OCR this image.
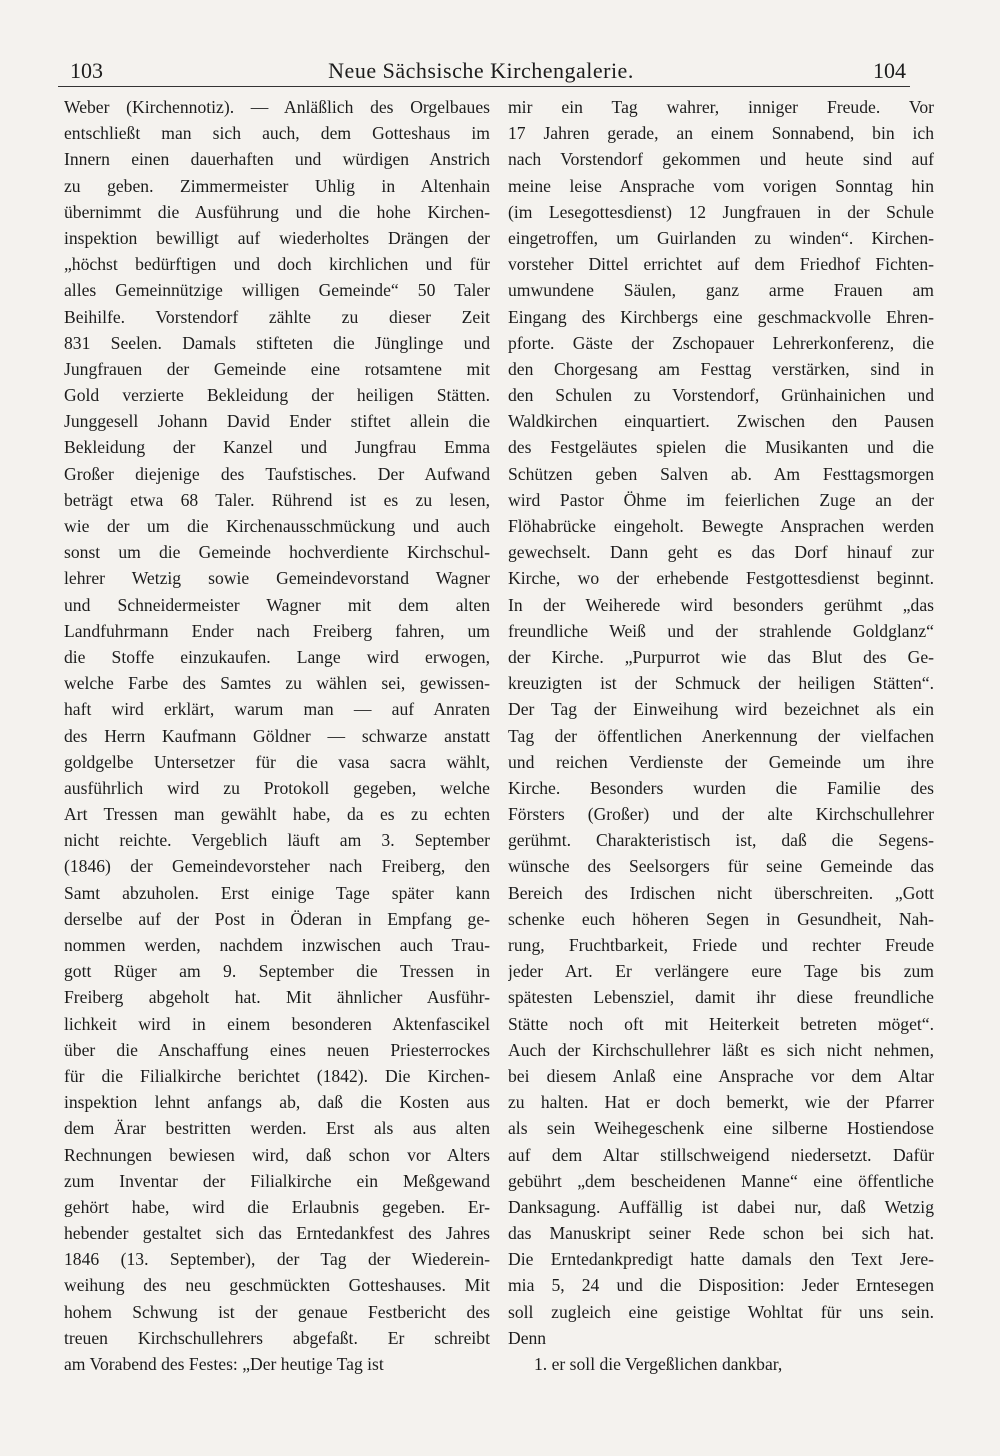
103	Neue Sächsische Kirchengalerie.	104
Weber (Kirchennotiz). — Anläßlich des Orgelbaues
entschließt man sich auch, dem Gotteshaus im
Innern einen dauerhaften und würdigen Anstrich
zu geben. Zimmermeister Uhlig in Altenhain
übernimmt die Ausführung und die hohe Kirchen-
inspektion bewilligt auf wiederholtes Drängen der
„höchst bedürftigen und doch kirchlichen und für
alles Gemeinnützige willigen Gemeinde“ 50 Taler
Beihilfe. Vorstendorf zählte zu dieser Zeit
831 Seelen. Damals stifteten die Jünglinge und
Jungfrauen der Gemeinde eine rotsamtene mit
Gold verzierte Bekleidung der heiligen Stätten.
Junggesell Johann David Ender stiftet allein die
Bekleidung der Kanzel und Jungfrau Emma
Großer diejenige des Taufstisches. Der Aufwand
beträgt etwa 68 Taler. Rührend ist es zu lesen,
wie der um die Kirchenausschmückung und auch
sonst um die Gemeinde hochverdiente Kirchschul-
lehrer Wetzig sowie Gemeindevorstand Wagner
und Schneidermeister Wagner mit dem alten
Landfuhrmann Ender nach Freiberg fahren, um
die Stoffe einzukaufen. Lange wird erwogen,
welche Farbe des Samtes zu wählen sei, gewissen-
haft wird erklärt, warum man — auf Anraten
des Herrn Kaufmann Göldner — schwarze anstatt
goldgelbe Untersetzer für die vasa sacra wählt,
ausführlich wird zu Protokoll gegeben, welche
Art Tressen man gewählt habe, da es zu echten
nicht reichte. Vergeblich läuft am 3. September
(1846) der Gemeindevorsteher nach Freiberg, den
Samt abzuholen. Erst einige Tage später kann
derselbe auf der Post in Öderan in Empfang ge-
nommen werden, nachdem inzwischen auch Trau-
gott Rüger am 9. September die Tressen in
Freiberg abgeholt hat. Mit ähnlicher Ausführ-
lichkeit wird in einem besonderen Aktenfascikel
über die Anschaffung eines neuen Priesterrockes
für die Filialkirche berichtet (1842). Die Kirchen-
inspektion lehnt anfangs ab, daß die Kosten aus
dem Ärar bestritten werden. Erst als aus alten
Rechnungen bewiesen wird, daß schon vor Alters
zum Inventar der Filialkirche ein Meßgewand
gehört habe, wird die Erlaubnis gegeben. Er-
hebender gestaltet sich das Erntedankfest des Jahres
1846 (13. September), der Tag der Wiederein-
weihung des neu geschmückten Gotteshauses. Mit
hohem Schwung ist der genaue Festbericht des
treuen Kirchschullehrers abgefaßt. Er schreibt
am Vorabend des Festes: „Der heutige Tag ist
mir ein Tag wahrer, inniger Freude. Vor
17 Jahren gerade, an einem Sonnabend, bin ich
nach Vorstendorf gekommen und heute sind auf
meine leise Ansprache vom vorigen Sonntag hin
(im Lesegottesdienst) 12 Jungfrauen in der Schule
eingetroffen, um Guirlanden zu winden“. Kirchen-
vorsteher Dittel errichtet auf dem Friedhof Fichten-
umwundene Säulen, ganz arme Frauen am
Eingang des Kirchbergs eine geschmackvolle Ehren-
pforte. Gäste der Zschopauer Lehrerkonferenz, die
den Chorgesang am Festtag verstärken, sind in
den Schulen zu Vorstendorf, Grünhainichen und
Waldkirchen einquartiert. Zwischen den Pausen
des Festgeläutes spielen die Musikanten und die
Schützen geben Salven ab. Am Festtagsmorgen
wird Pastor Öhme im feierlichen Zuge an der
Flöhabrücke eingeholt. Bewegte Ansprachen werden
gewechselt. Dann geht es das Dorf hinauf zur
Kirche, wo der erhebende Festgottesdienst beginnt.
In der Weiherede wird besonders gerühmt „das
freundliche Weiß und der strahlende Goldglanz“
der Kirche. „Purpurrot wie das Blut des Ge-
kreuzigten ist der Schmuck der heiligen Stätten“.
Der Tag der Einweihung wird bezeichnet als ein
Tag der öffentlichen Anerkennung der vielfachen
und reichen Verdienste der Gemeinde um ihre
Kirche. Besonders wurden die Familie des
Försters (Großer) und der alte Kirchschullehrer
gerühmt. Charakteristisch ist, daß die Segens-
wünsche des Seelsorgers für seine Gemeinde das
Bereich des Irdischen nicht überschreiten. „Gott
schenke euch höheren Segen in Gesundheit, Nah-
rung, Fruchtbarkeit, Friede und rechter Freude
jeder Art. Er verlängere eure Tage bis zum
spätesten Lebensziel, damit ihr diese freundliche
Stätte noch oft mit Heiterkeit betreten möget“.
Auch der Kirchschullehrer läßt es sich nicht nehmen,
bei diesem Anlaß eine Ansprache vor dem Altar
zu halten. Hat er doch bemerkt, wie der Pfarrer
als sein Weihegeschenk eine silberne Hostiendose
auf dem Altar stillschweigend niedersetzt. Dafür
gebührt „dem bescheidenen Manne“ eine öffentliche
Danksagung. Auffällig ist dabei nur, daß Wetzig
das Manuskript seiner Rede schon bei sich hat.
Die Erntedankpredigt hatte damals den Text Jere-
mia 5, 24 und die Disposition: Jeder Erntesegen
soll zugleich eine geistige Wohltat für uns sein.
Denn
1. er soll die Vergeßlichen dankbar,
